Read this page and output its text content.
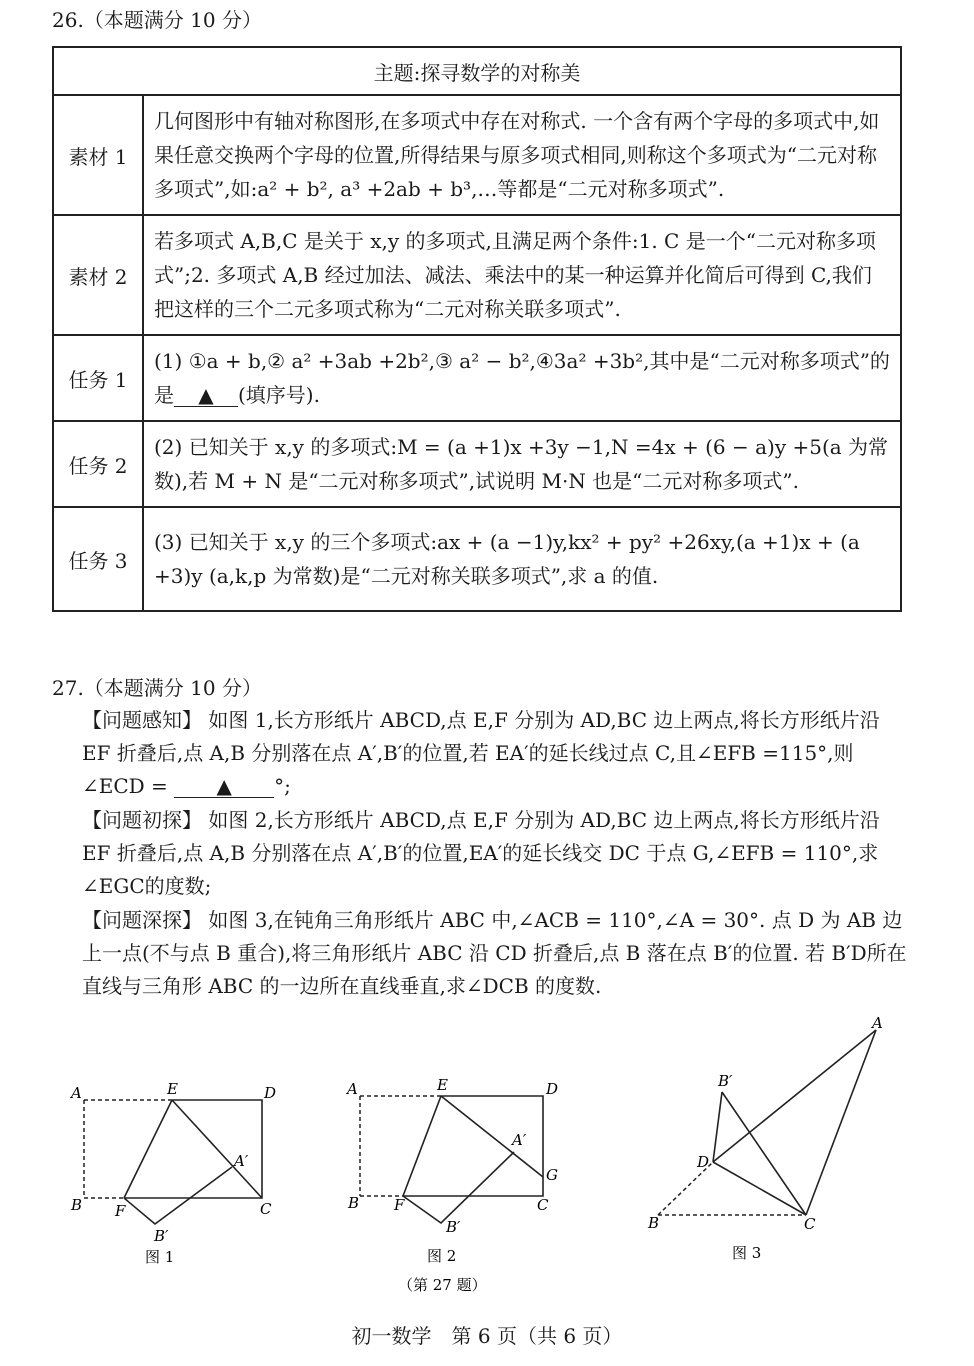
26.（本题满分 10 分）
主题:探寻数学的对称美	
素材 1	几何图形中有轴对称图形,在多项式中存在对称式. 一个含有两个字母的多项式中,如果任意交换两个字母的位置,所得结果与原多项式相同,则称这个多项式为“二元对称多项式”,如:a² + b², a³ +2ab + b³,…等都是“二元对称多项式”.
素材 2	若多项式 A,B,C 是关于 x,y 的多项式,且满足两个条件:1. C 是一个“二元对称多项式”;2. 多项式 A,B 经过加法、减法、乘法中的某一种运算并化简后可得到 C,我们把这样的三个二元多项式称为“二元对称关联多项式”.
任务 1	(1) ①a + b,② a² +3ab +2b²,③ a² − b²,④3a² +3b²,其中是“二元对称多项式”的是 ▲ (填序号).
任务 2	(2) 已知关于 x,y 的多项式:M = (a +1)x +3y −1,N =4x + (6 − a)y +5(a 为常数),若 M + N 是“二元对称多项式”,试说明 M·N 也是“二元对称多项式”.
任务 3	(3) 已知关于 x,y 的三个多项式:ax + (a −1)y,kx² + py² +26xy,(a +1)x + (a +3)y (a,k,p 为常数)是“二元对称关联多项式”,求 a 的值.
27.（本题满分 10 分）
【问题感知】 如图 1,长方形纸片 ABCD,点 E,F 分别为 AD,BC 边上两点,将长方形纸片沿 EF 折叠后,点 A,B 分别落在点 A′,B′的位置,若 EA′的延长线过点 C,且∠EFB =115°,则∠ECD = ▲ °;
【问题初探】 如图 2,长方形纸片 ABCD,点 E,F 分别为 AD,BC 边上两点,将长方形纸片沿 EF 折叠后,点 A,B 分别落在点 A′,B′的位置,EA′的延长线交 DC 于点 G,∠EFB = 110°,求∠EGC的度数;
【问题深探】 如图 3,在钝角三角形纸片 ABC 中,∠ACB = 110°,∠A = 30°. 点 D 为 AB 边上一点(不与点 B 重合),将三角形纸片 ABC 沿 CD 折叠后,点 B 落在点 B′的位置. 若 B′D所在直线与三角形 ABC 的一边所在直线垂直,求∠DCB 的度数.
A	E	D
A′
B F	C
B′
图 1
A	E	D
A′
G
B F	C
B′
图 2
（第 27 题）
A
B′
D
B	C
图 3
初一数学　第 6 页（共 6 页）
